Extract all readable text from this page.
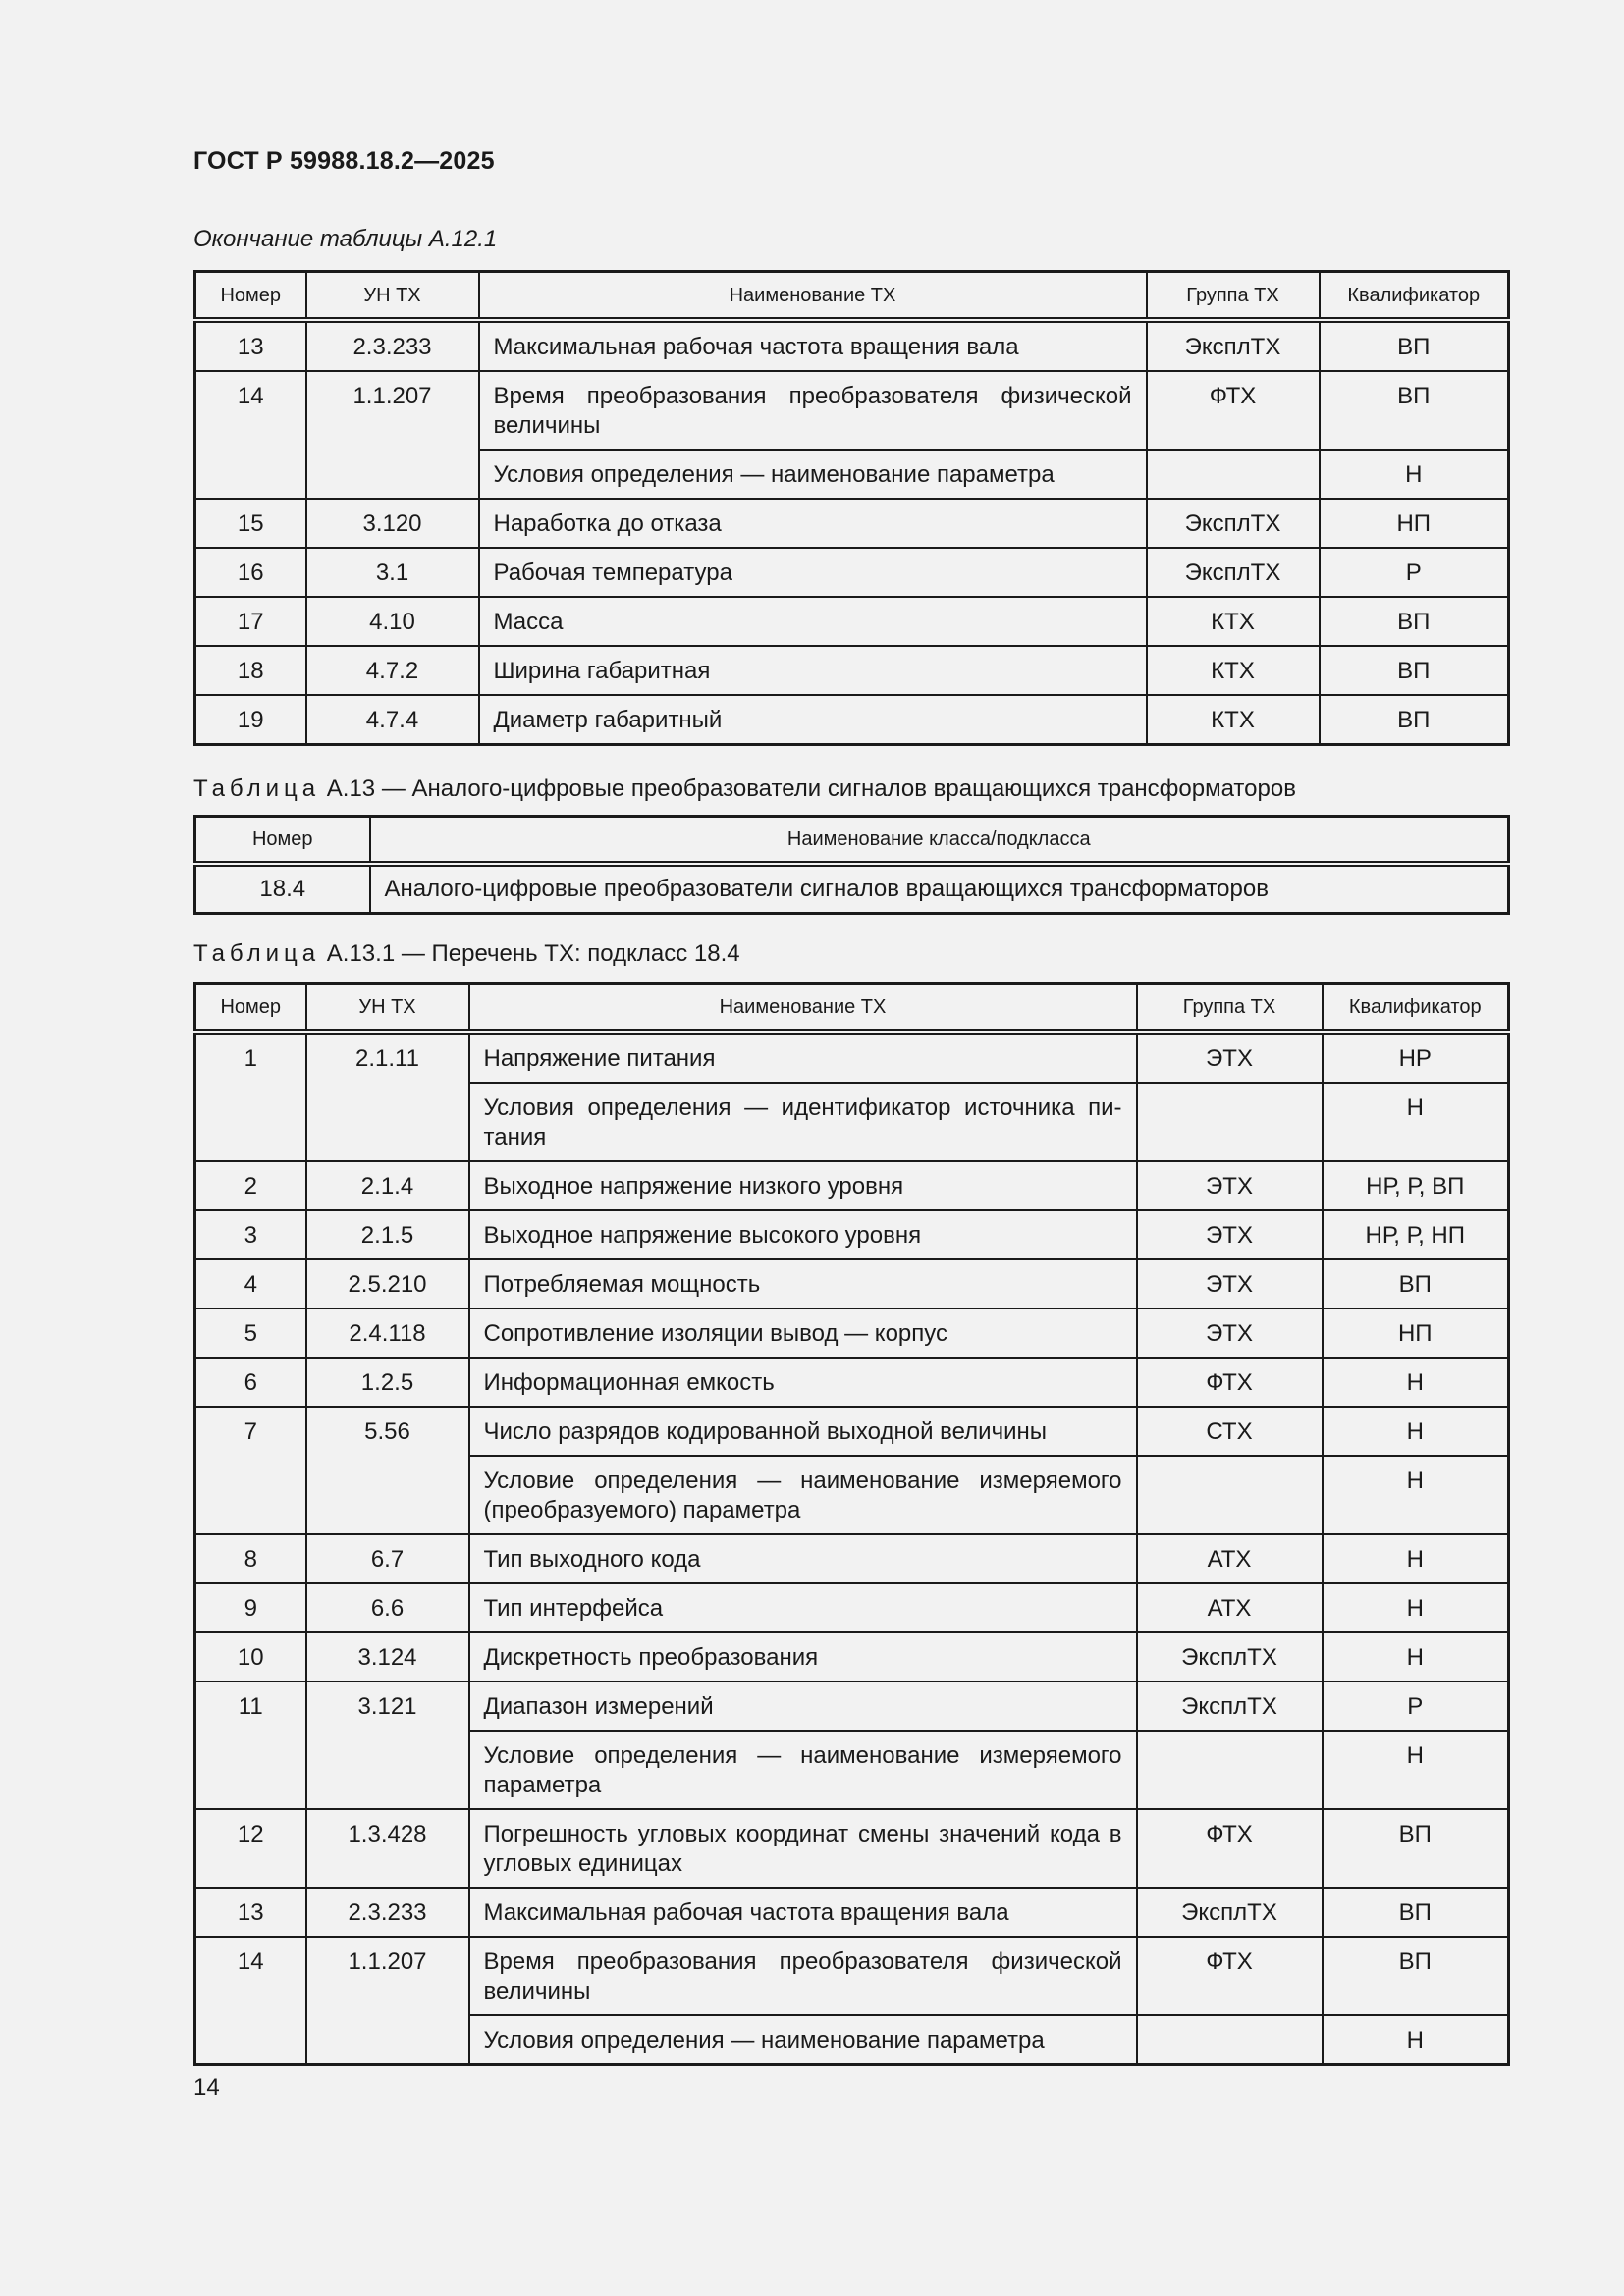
ГОСТ Р 59988.18.2—2025
Окончание таблицы А.12.1
Номер	УН ТХ	Наименование ТХ	Группа ТХ	Квалификатор
13	2.3.233	Максимальная рабочая частота вращения вала	ЭксплТХ	ВП
14	1.1.207	Время преобразования преобразователя физической величины	ФТХ	ВП
		Условия определения — наименование параметра		Н
15	3.120	Наработка до отказа	ЭксплТХ	НП
16	3.1	Рабочая температура	ЭксплТХ	Р
17	4.10	Масса	КТХ	ВП
18	4.7.2	Ширина габаритная	КТХ	ВП
19	4.7.4	Диаметр габаритный	КТХ	ВП
Таблица А.13 — Аналого-цифровые преобразователи сигналов вращающихся трансформаторов
Номер	Наименование класса/подкласса
18.4	Аналого-цифровые преобразователи сигналов вращающихся трансформаторов
Таблица А.13.1 — Перечень ТХ: подкласс 18.4
Номер	УН ТХ	Наименование ТХ	Группа ТХ	Квалификатор
1	2.1.11	Напряжение питания	ЭТХ	НР
		Условия определения — идентификатор источника пи-тания		Н
2	2.1.4	Выходное напряжение низкого уровня	ЭТХ	НР, Р, ВП
3	2.1.5	Выходное напряжение высокого уровня	ЭТХ	НР, Р, НП
4	2.5.210	Потребляемая мощность	ЭТХ	ВП
5	2.4.118	Сопротивление изоляции вывод — корпус	ЭТХ	НП
6	1.2.5	Информационная емкость	ФТХ	Н
7	5.56	Число разрядов кодированной выходной величины	СТХ	Н
		Условие определения — наименование измеряемого (преобразуемого) параметра		Н
8	6.7	Тип выходного кода	АТХ	Н
9	6.6	Тип интерфейса	АТХ	Н
10	3.124	Дискретность преобразования	ЭксплТХ	Н
11	3.121	Диапазон измерений	ЭксплТХ	Р
		Условие определения — наименование измеряемого параметра		Н
12	1.3.428	Погрешность угловых координат смены значений кода в угловых единицах	ФТХ	ВП
13	2.3.233	Максимальная рабочая частота вращения вала	ЭксплТХ	ВП
14	1.1.207	Время преобразования преобразователя физической величины	ФТХ	ВП
		Условия определения — наименование параметра		Н
14
